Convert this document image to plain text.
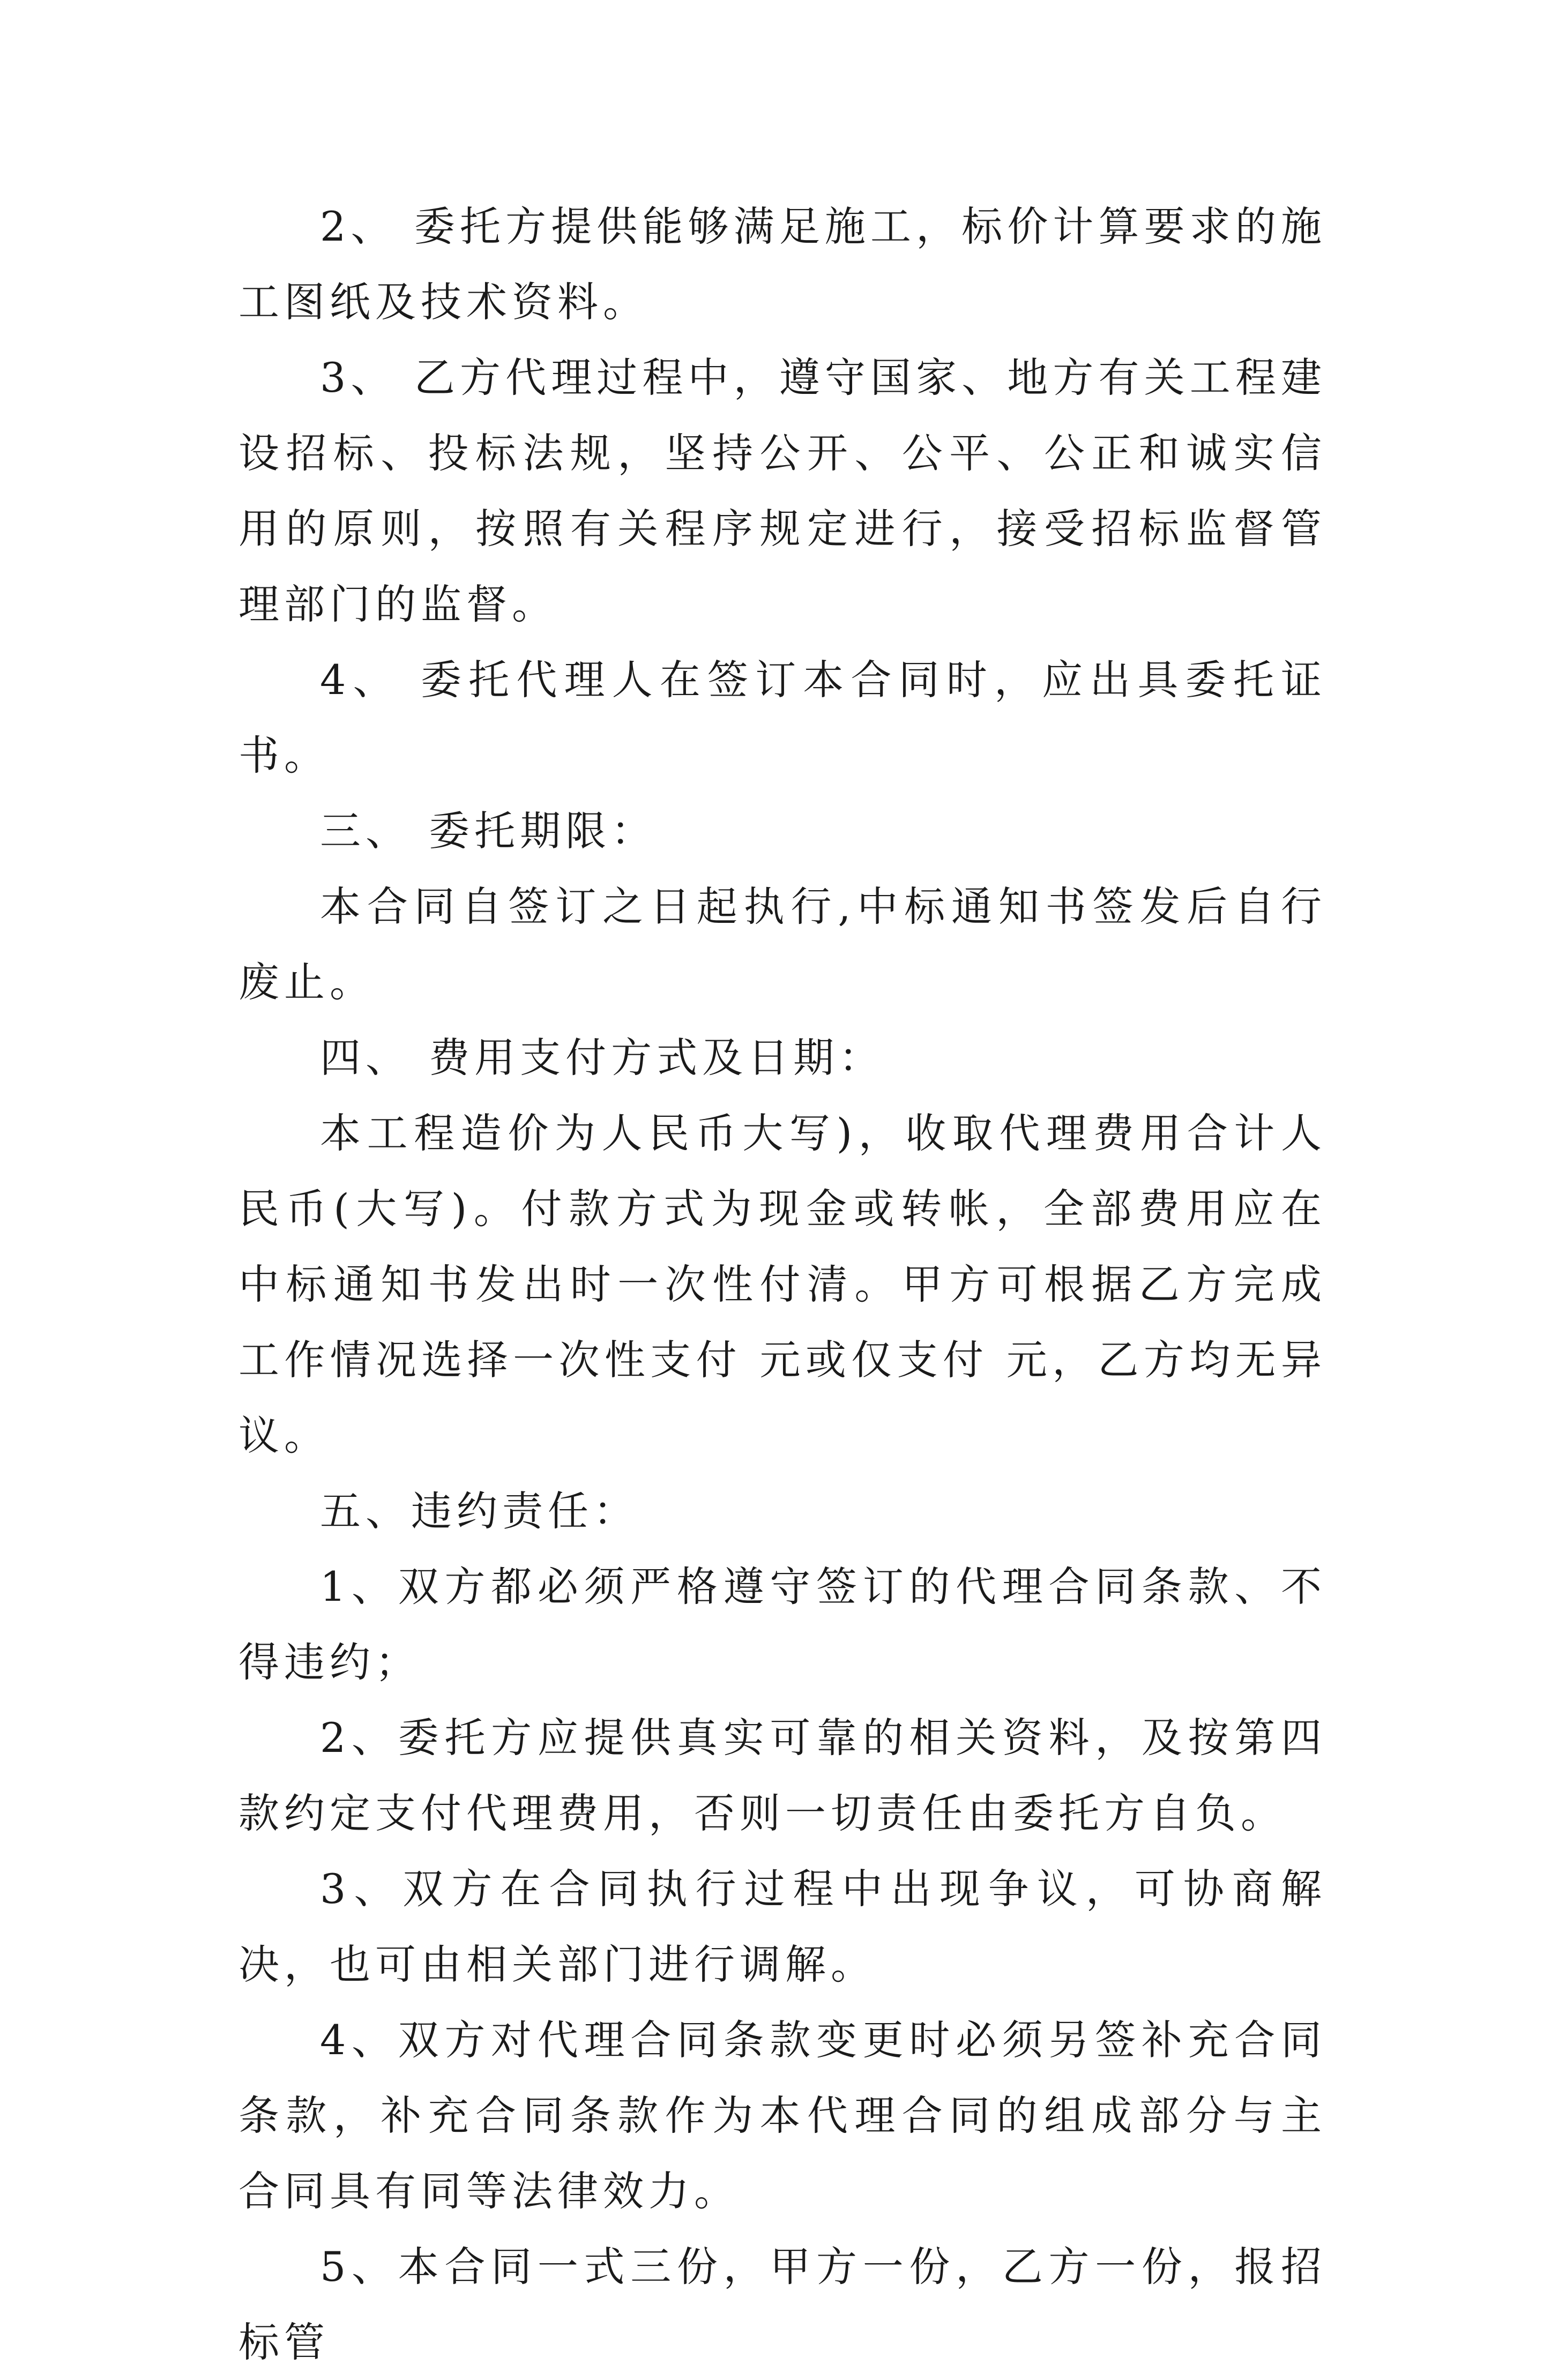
2、 委托方提供能够满足施工，标价计算要求的施工图纸及技术资料。

3、 乙方代理过程中，遵守国家、地方有关工程建设招标、投标法规，坚持公开、公平、公正和诚实信用的原则，按照有关程序规定进行，接受招标监督管理部门的监督。

4、 委托代理人在签订本合同时，应出具委托证书。

三、 委托期限：

本合同自签订之日起执行,中标通知书签发后自行废止。

四、 费用支付方式及日期：

本工程造价为人民币大写)，收取代理费用合计人民币(大写)。付款方式为现金或转帐，全部费用应在中标通知书发出时一次性付清。甲方可根据乙方完成工作情况选择一次性支付 元或仅支付 元，乙方均无异议。

五、违约责任：

1、双方都必须严格遵守签订的代理合同条款、不得违约；

2、委托方应提供真实可靠的相关资料，及按第四款约定支付代理费用，否则一切责任由委托方自负。

3、双方在合同执行过程中出现争议，可协商解决，也可由相关部门进行调解。

4、双方对代理合同条款变更时必须另签补充合同条款，补充合同条款作为本代理合同的组成部分与主合同具有同等法律效力。

5、本合同一式三份，甲方一份，乙方一份，报招标管
